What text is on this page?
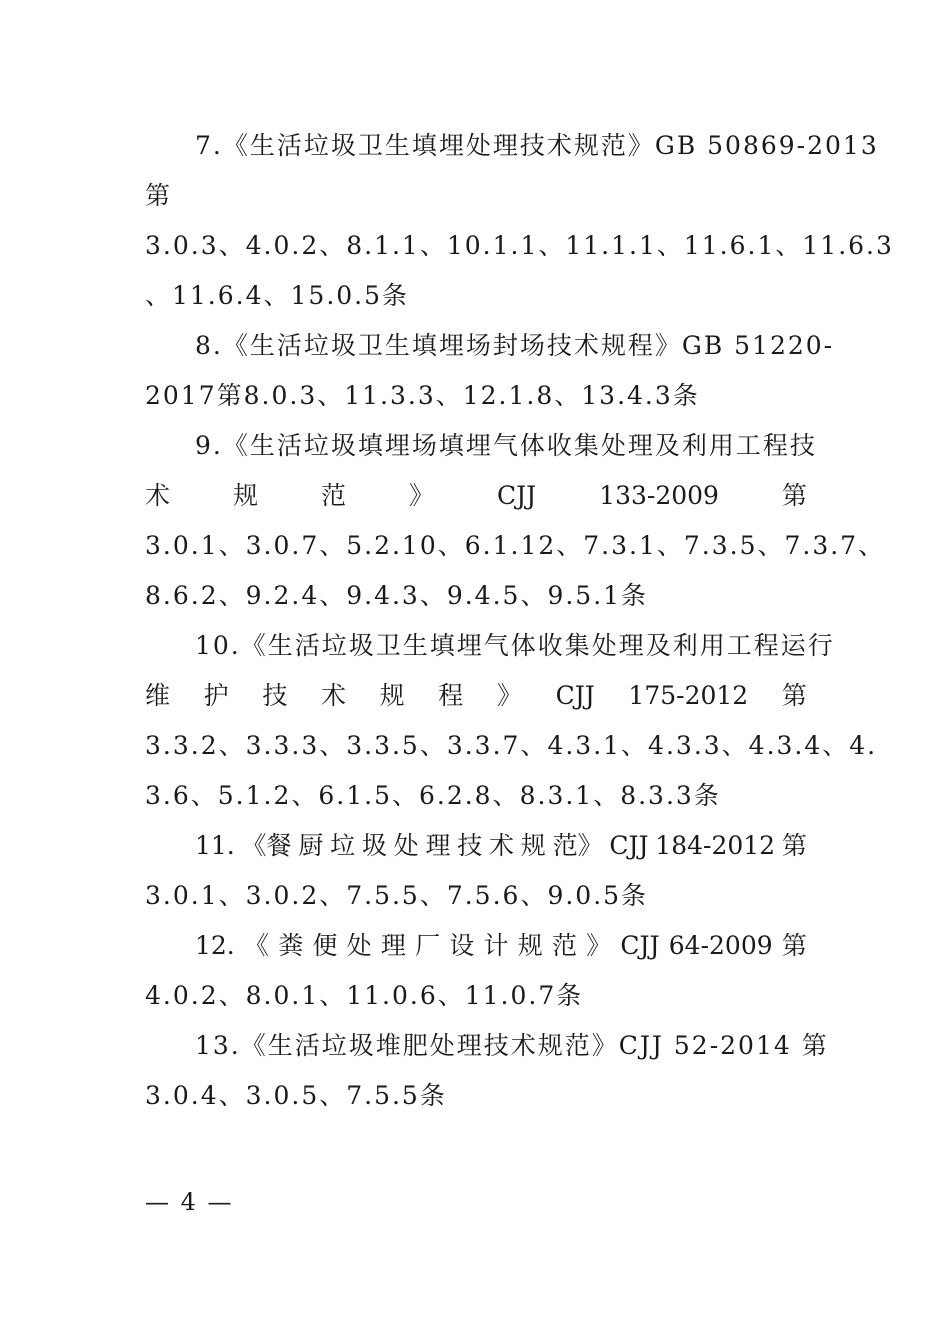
7.《生活垃圾卫生填埋处理技术规范》GB 50869-2013
第
3.0.3、4.0.2、8.1.1、10.1.1、11.1.1、11.6.1、11.6.3
、11.6.4、15.0.5条
8.《生活垃圾卫生填埋场封场技术规程》GB 51220-
2017第8.0.3、11.3.3、12.1.8、13.4.3条
9.《生活垃圾填埋场填埋气体收集处理及利用工程技
术	规	范	》	CJJ	133-2009	第
3.0.1、3.0.7、5.2.10、6.1.12、7.3.1、7.3.5、7.3.7、
8.6.2、9.2.4、9.4.3、9.4.5、9.5.1条
10.《生活垃圾卫生填埋气体收集处理及利用工程运行
维 护 技 术 规 程 》 CJJ 175-2012 第
3.3.2、3.3.3、3.3.5、3.3.7、4.3.1、4.3.3、4.3.4、4.
3.6、5.1.2、6.1.5、6.2.8、8.3.1、8.3.3条
11. 《餐 厨 垃 圾 处 理 技 术 规 范》 CJJ 184-2012 第
3.0.1、3.0.2、7.5.5、7.5.6、9.0.5条
12. 《 粪 便 处 理 厂 设 计 规 范 》 CJJ 64-2009 第
4.0.2、8.0.1、11.0.6、11.0.7条
13.《生活垃圾堆肥处理技术规范》CJJ 52-2014 第
3.0.4、3.0.5、7.5.5条
— 4 —
